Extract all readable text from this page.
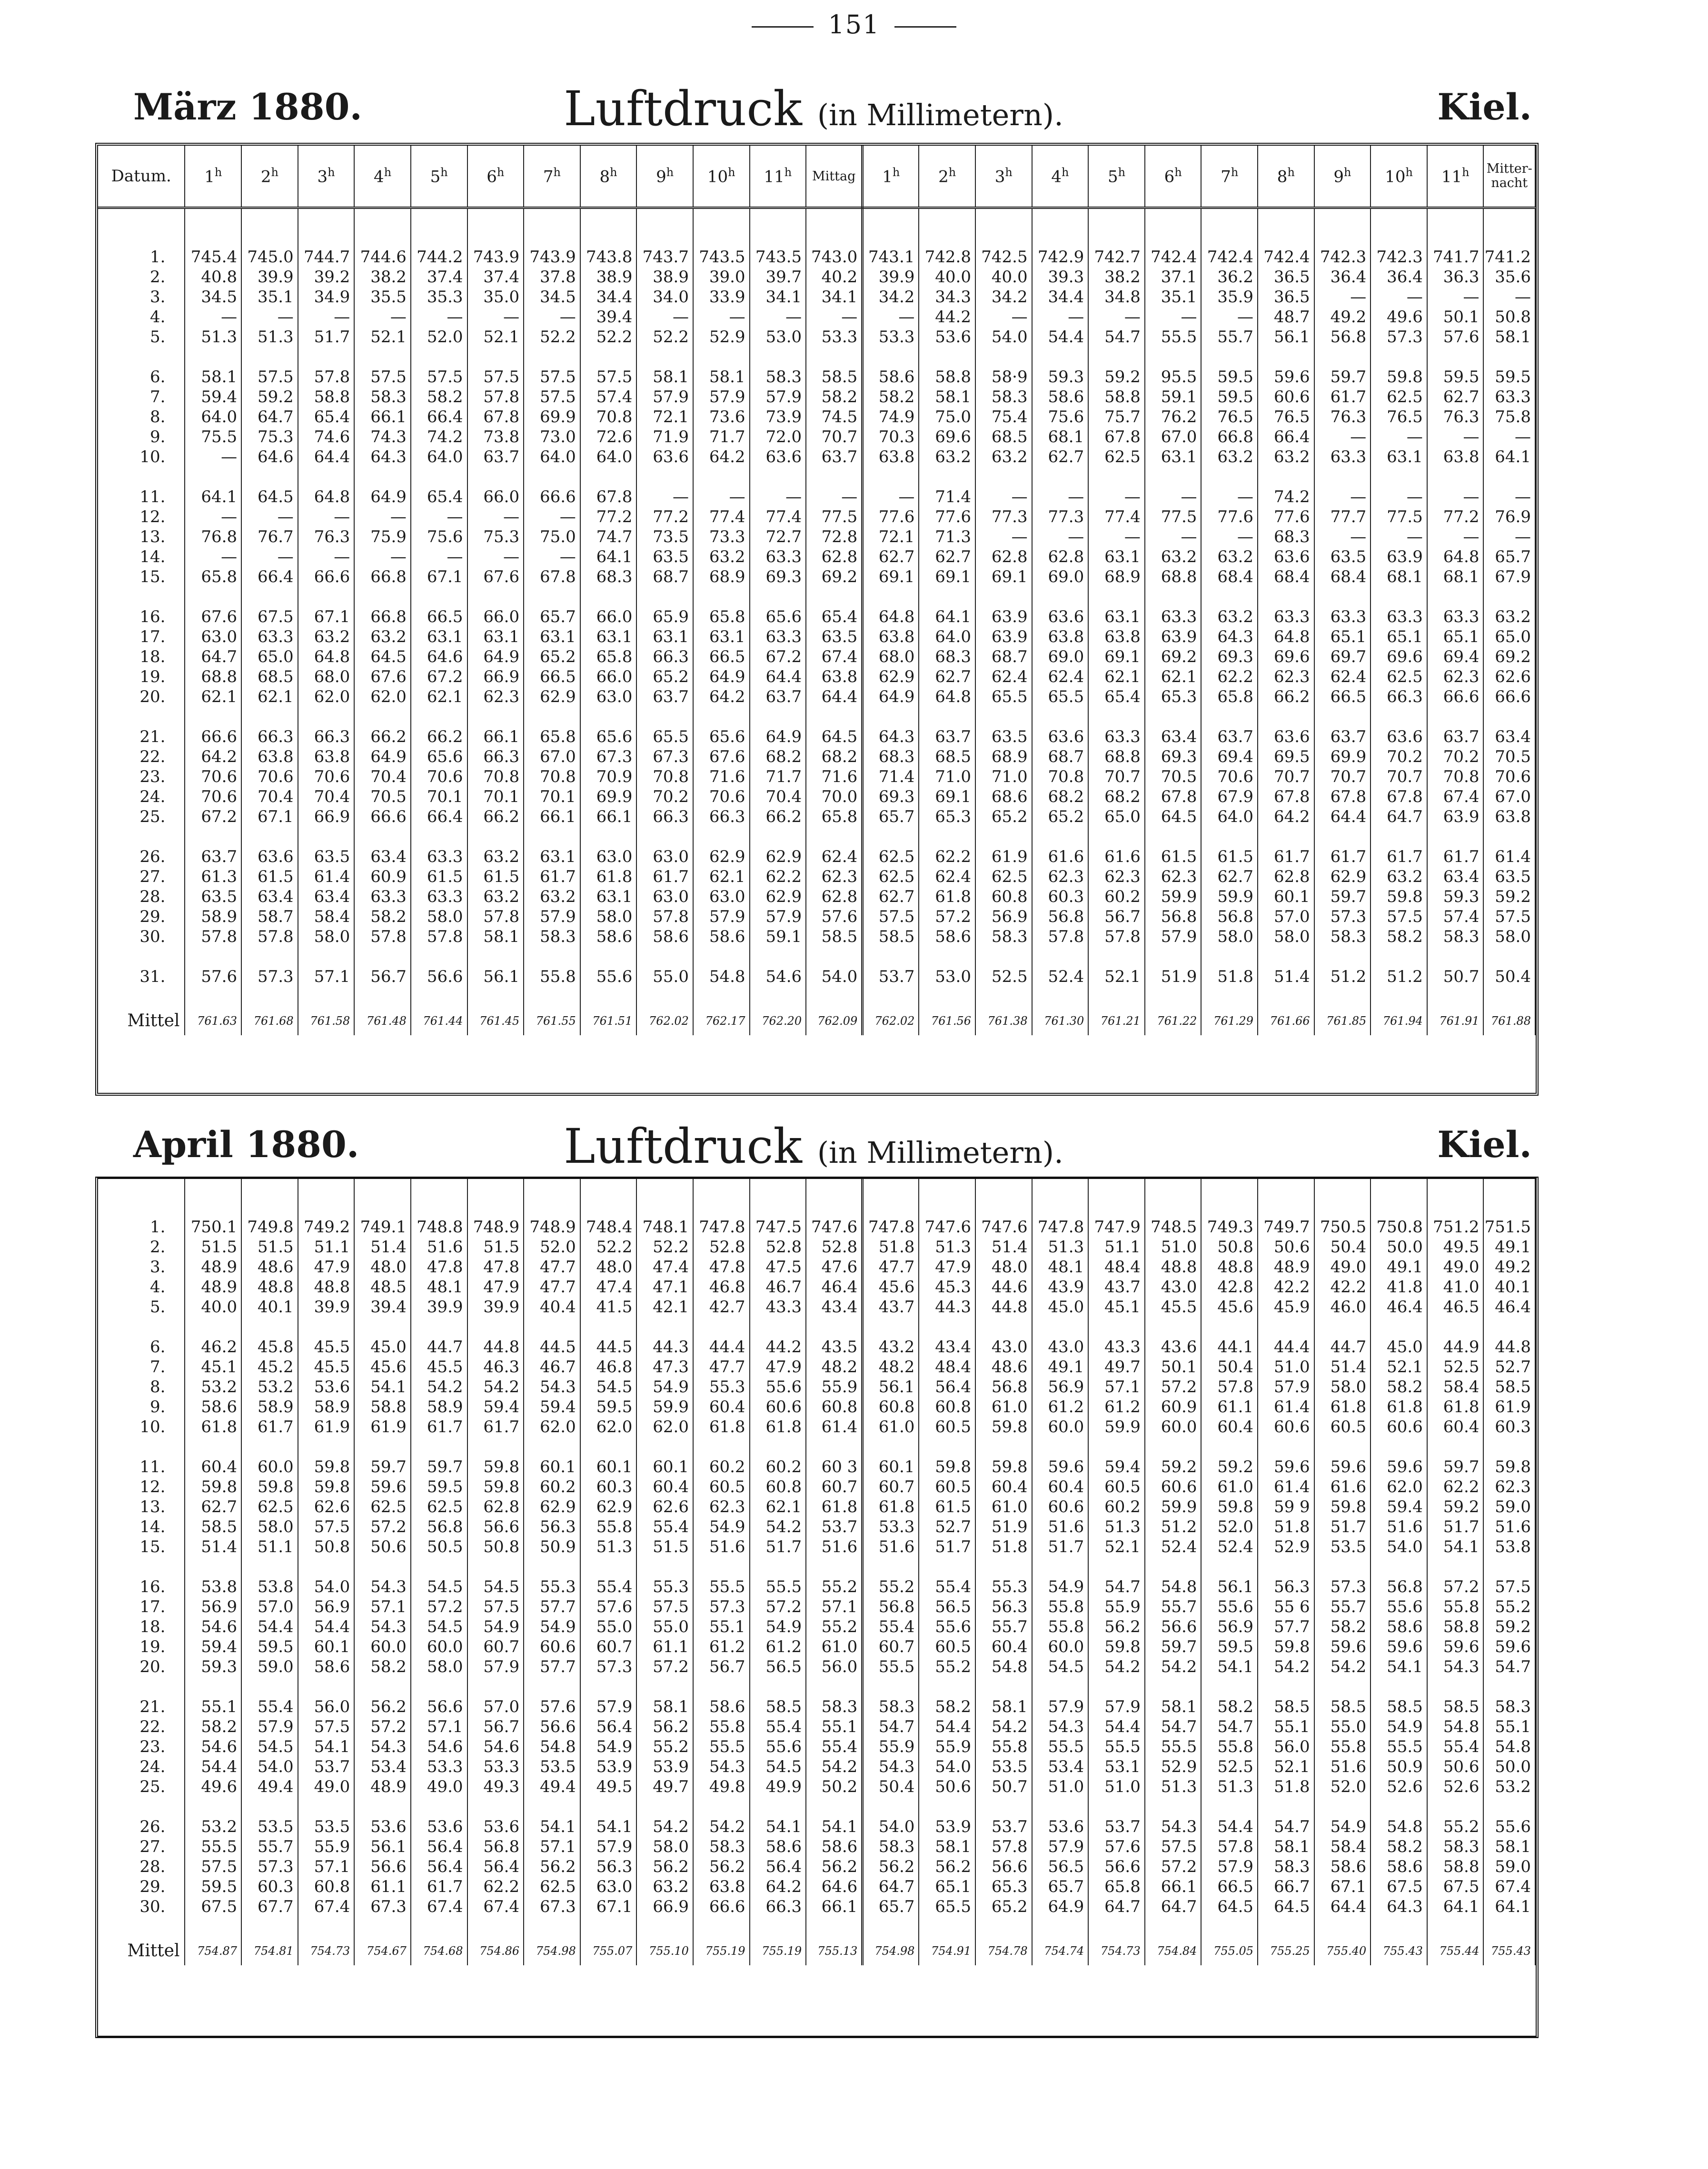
151
März 1880.	Luftdruck (in Millimetern).	Kiel.
Datum.	1$^h$	2$^h$	3$^h$	4$^h$	5$^h$	6$^h$	7$^h$	8$^h$	9$^h$	10$^h$	11$^h$	Mittag	1$^h$	2$^h$	3$^h$	4$^h$	5$^h$	6$^h$	7$^h$	8$^h$	9$^h$	10$^h$	11$^h$	Mitter-
nacht

1.	745.4	745.0	744.7	744.6	744.2	743.9	743.9	743.8	743.7	743.5	743.5	743.0	743.1	742.8	742.5	742.9	742.7	742.4	742.4	742.4	742.3	742.3	741.7	741.2
2.	40.8	39.9	39.2	38.2	37.4	37.4	37.8	38.9	38.9	39.0	39.7	40.2	39.9	40.0	40.0	39.3	38.2	37.1	36.2	36.5	36.4	36.4	36.3	35.6
3.	34.5	35.1	34.9	35.5	35.3	35.0	34.5	34.4	34.0	33.9	34.1	34.1	34.2	34.3	34.2	34.4	34.8	35.1	35.9	36.5	—	—	—	—
4.	—	—	—	—	—	—	—	39.4	—	—	—	—	—	44.2	—	—	—	—	—	48.7	49.2	49.6	50.1	50.8
5.	51.3	51.3	51.7	52.1	52.0	52.1	52.2	52.2	52.2	52.9	53.0	53.3	53.3	53.6	54.0	54.4	54.7	55.5	55.7	56.1	56.8	57.3	57.6	58.1

6.	58.1	57.5	57.8	57.5	57.5	57.5	57.5	57.5	58.1	58.1	58.3	58.5	58.6	58.8	58·9	59.3	59.2	95.5	59.5	59.6	59.7	59.8	59.5	59.5
7.	59.4	59.2	58.8	58.3	58.2	57.8	57.5	57.4	57.9	57.9	57.9	58.2	58.2	58.1	58.3	58.6	58.8	59.1	59.5	60.6	61.7	62.5	62.7	63.3
8.	64.0	64.7	65.4	66.1	66.4	67.8	69.9	70.8	72.1	73.6	73.9	74.5	74.9	75.0	75.4	75.6	75.7	76.2	76.5	76.5	76.3	76.5	76.3	75.8
9.	75.5	75.3	74.6	74.3	74.2	73.8	73.0	72.6	71.9	71.7	72.0	70.7	70.3	69.6	68.5	68.1	67.8	67.0	66.8	66.4	—	—	—	—
10.	—	64.6	64.4	64.3	64.0	63.7	64.0	64.0	63.6	64.2	63.6	63.7	63.8	63.2	63.2	62.7	62.5	63.1	63.2	63.2	63.3	63.1	63.8	64.1

11.	64.1	64.5	64.8	64.9	65.4	66.0	66.6	67.8	—	—	—	—	—	71.4	—	—	—	—	—	74.2	—	—	—	—
12.	—	—	—	—	—	—	—	77.2	77.2	77.4	77.4	77.5	77.6	77.6	77.3	77.3	77.4	77.5	77.6	77.6	77.7	77.5	77.2	76.9
13.	76.8	76.7	76.3	75.9	75.6	75.3	75.0	74.7	73.5	73.3	72.7	72.8	72.1	71.3	—	—	—	—	—	68.3	—	—	—	—
14.	—	—	—	—	—	—	—	64.1	63.5	63.2	63.3	62.8	62.7	62.7	62.8	62.8	63.1	63.2	63.2	63.6	63.5	63.9	64.8	65.7
15.	65.8	66.4	66.6	66.8	67.1	67.6	67.8	68.3	68.7	68.9	69.3	69.2	69.1	69.1	69.1	69.0	68.9	68.8	68.4	68.4	68.4	68.1	68.1	67.9

16.	67.6	67.5	67.1	66.8	66.5	66.0	65.7	66.0	65.9	65.8	65.6	65.4	64.8	64.1	63.9	63.6	63.1	63.3	63.2	63.3	63.3	63.3	63.3	63.2
17.	63.0	63.3	63.2	63.2	63.1	63.1	63.1	63.1	63.1	63.1	63.3	63.5	63.8	64.0	63.9	63.8	63.8	63.9	64.3	64.8	65.1	65.1	65.1	65.0
18.	64.7	65.0	64.8	64.5	64.6	64.9	65.2	65.8	66.3	66.5	67.2	67.4	68.0	68.3	68.7	69.0	69.1	69.2	69.3	69.6	69.7	69.6	69.4	69.2
19.	68.8	68.5	68.0	67.6	67.2	66.9	66.5	66.0	65.2	64.9	64.4	63.8	62.9	62.7	62.4	62.4	62.1	62.1	62.2	62.3	62.4	62.5	62.3	62.6
20.	62.1	62.1	62.0	62.0	62.1	62.3	62.9	63.0	63.7	64.2	63.7	64.4	64.9	64.8	65.5	65.5	65.4	65.3	65.8	66.2	66.5	66.3	66.6	66.6

21.	66.6	66.3	66.3	66.2	66.2	66.1	65.8	65.6	65.5	65.6	64.9	64.5	64.3	63.7	63.5	63.6	63.3	63.4	63.7	63.6	63.7	63.6	63.7	63.4
22.	64.2	63.8	63.8	64.9	65.6	66.3	67.0	67.3	67.3	67.6	68.2	68.2	68.3	68.5	68.9	68.7	68.8	69.3	69.4	69.5	69.9	70.2	70.2	70.5
23.	70.6	70.6	70.6	70.4	70.6	70.8	70.8	70.9	70.8	71.6	71.7	71.6	71.4	71.0	71.0	70.8	70.7	70.5	70.6	70.7	70.7	70.7	70.8	70.6
24.	70.6	70.4	70.4	70.5	70.1	70.1	70.1	69.9	70.2	70.6	70.4	70.0	69.3	69.1	68.6	68.2	68.2	67.8	67.9	67.8	67.8	67.8	67.4	67.0
25.	67.2	67.1	66.9	66.6	66.4	66.2	66.1	66.1	66.3	66.3	66.2	65.8	65.7	65.3	65.2	65.2	65.0	64.5	64.0	64.2	64.4	64.7	63.9	63.8

26.	63.7	63.6	63.5	63.4	63.3	63.2	63.1	63.0	63.0	62.9	62.9	62.4	62.5	62.2	61.9	61.6	61.6	61.5	61.5	61.7	61.7	61.7	61.7	61.4
27.	61.3	61.5	61.4	60.9	61.5	61.5	61.7	61.8	61.7	62.1	62.2	62.3	62.5	62.4	62.5	62.3	62.3	62.3	62.7	62.8	62.9	63.2	63.4	63.5
28.	63.5	63.4	63.4	63.3	63.3	63.2	63.2	63.1	63.0	63.0	62.9	62.8	62.7	61.8	60.8	60.3	60.2	59.9	59.9	60.1	59.7	59.8	59.3	59.2
29.	58.9	58.7	58.4	58.2	58.0	57.8	57.9	58.0	57.8	57.9	57.9	57.6	57.5	57.2	56.9	56.8	56.7	56.8	56.8	57.0	57.3	57.5	57.4	57.5
30.	57.8	57.8	58.0	57.8	57.8	58.1	58.3	58.6	58.6	58.6	59.1	58.5	58.5	58.6	58.3	57.8	57.8	57.9	58.0	58.0	58.3	58.2	58.3	58.0

31.	57.6	57.3	57.1	56.7	56.6	56.1	55.8	55.6	55.0	54.8	54.6	54.0	53.7	53.0	52.5	52.4	52.1	51.9	51.8	51.4	51.2	51.2	50.7	50.4

Mittel	761.63	761.68	761.58	761.48	761.44	761.45	761.55	761.51	762.02	762.17	762.20	762.09	762.02	761.56	761.38	761.30	761.21	761.22	761.29	761.66	761.85	761.94	761.91	761.88
April 1880.	Luftdruck (in Millimetern).	Kiel.

1.	750.1	749.8	749.2	749.1	748.8	748.9	748.9	748.4	748.1	747.8	747.5	747.6	747.8	747.6	747.6	747.8	747.9	748.5	749.3	749.7	750.5	750.8	751.2	751.5
2.	51.5	51.5	51.1	51.4	51.6	51.5	52.0	52.2	52.2	52.8	52.8	52.8	51.8	51.3	51.4	51.3	51.1	51.0	50.8	50.6	50.4	50.0	49.5	49.1
3.	48.9	48.6	47.9	48.0	47.8	47.8	47.7	48.0	47.4	47.8	47.5	47.6	47.7	47.9	48.0	48.1	48.4	48.8	48.8	48.9	49.0	49.1	49.0	49.2
4.	48.9	48.8	48.8	48.5	48.1	47.9	47.7	47.4	47.1	46.8	46.7	46.4	45.6	45.3	44.6	43.9	43.7	43.0	42.8	42.2	42.2	41.8	41.0	40.1
5.	40.0	40.1	39.9	39.4	39.9	39.9	40.4	41.5	42.1	42.7	43.3	43.4	43.7	44.3	44.8	45.0	45.1	45.5	45.6	45.9	46.0	46.4	46.5	46.4

6.	46.2	45.8	45.5	45.0	44.7	44.8	44.5	44.5	44.3	44.4	44.2	43.5	43.2	43.4	43.0	43.0	43.3	43.6	44.1	44.4	44.7	45.0	44.9	44.8
7.	45.1	45.2	45.5	45.6	45.5	46.3	46.7	46.8	47.3	47.7	47.9	48.2	48.2	48.4	48.6	49.1	49.7	50.1	50.4	51.0	51.4	52.1	52.5	52.7
8.	53.2	53.2	53.6	54.1	54.2	54.2	54.3	54.5	54.9	55.3	55.6	55.9	56.1	56.4	56.8	56.9	57.1	57.2	57.8	57.9	58.0	58.2	58.4	58.5
9.	58.6	58.9	58.9	58.8	58.9	59.4	59.4	59.5	59.9	60.4	60.6	60.8	60.8	60.8	61.0	61.2	61.2	60.9	61.1	61.4	61.8	61.8	61.8	61.9
10.	61.8	61.7	61.9	61.9	61.7	61.7	62.0	62.0	62.0	61.8	61.8	61.4	61.0	60.5	59.8	60.0	59.9	60.0	60.4	60.6	60.5	60.6	60.4	60.3

11.	60.4	60.0	59.8	59.7	59.7	59.8	60.1	60.1	60.1	60.2	60.2	60 3	60.1	59.8	59.8	59.6	59.4	59.2	59.2	59.6	59.6	59.6	59.7	59.8
12.	59.8	59.8	59.8	59.6	59.5	59.8	60.2	60.3	60.4	60.5	60.8	60.7	60.7	60.5	60.4	60.4	60.5	60.6	61.0	61.4	61.6	62.0	62.2	62.3
13.	62.7	62.5	62.6	62.5	62.5	62.8	62.9	62.9	62.6	62.3	62.1	61.8	61.8	61.5	61.0	60.6	60.2	59.9	59.8	59 9	59.8	59.4	59.2	59.0
14.	58.5	58.0	57.5	57.2	56.8	56.6	56.3	55.8	55.4	54.9	54.2	53.7	53.3	52.7	51.9	51.6	51.3	51.2	52.0	51.8	51.7	51.6	51.7	51.6
15.	51.4	51.1	50.8	50.6	50.5	50.8	50.9	51.3	51.5	51.6	51.7	51.6	51.6	51.7	51.8	51.7	52.1	52.4	52.4	52.9	53.5	54.0	54.1	53.8

16.	53.8	53.8	54.0	54.3	54.5	54.5	55.3	55.4	55.3	55.5	55.5	55.2	55.2	55.4	55.3	54.9	54.7	54.8	56.1	56.3	57.3	56.8	57.2	57.5
17.	56.9	57.0	56.9	57.1	57.2	57.5	57.7	57.6	57.5	57.3	57.2	57.1	56.8	56.5	56.3	55.8	55.9	55.7	55.6	55 6	55.7	55.6	55.8	55.2
18.	54.6	54.4	54.4	54.3	54.5	54.9	54.9	55.0	55.0	55.1	54.9	55.2	55.4	55.6	55.7	55.8	56.2	56.6	56.9	57.7	58.2	58.6	58.8	59.2
19.	59.4	59.5	60.1	60.0	60.0	60.7	60.6	60.7	61.1	61.2	61.2	61.0	60.7	60.5	60.4	60.0	59.8	59.7	59.5	59.8	59.6	59.6	59.6	59.6
20.	59.3	59.0	58.6	58.2	58.0	57.9	57.7	57.3	57.2	56.7	56.5	56.0	55.5	55.2	54.8	54.5	54.2	54.2	54.1	54.2	54.2	54.1	54.3	54.7

21.	55.1	55.4	56.0	56.2	56.6	57.0	57.6	57.9	58.1	58.6	58.5	58.3	58.3	58.2	58.1	57.9	57.9	58.1	58.2	58.5	58.5	58.5	58.5	58.3
22.	58.2	57.9	57.5	57.2	57.1	56.7	56.6	56.4	56.2	55.8	55.4	55.1	54.7	54.4	54.2	54.3	54.4	54.7	54.7	55.1	55.0	54.9	54.8	55.1
23.	54.6	54.5	54.1	54.3	54.6	54.6	54.8	54.9	55.2	55.5	55.6	55.4	55.9	55.9	55.8	55.5	55.5	55.5	55.8	56.0	55.8	55.5	55.4	54.8
24.	54.4	54.0	53.7	53.4	53.3	53.3	53.5	53.9	53.9	54.3	54.5	54.2	54.3	54.0	53.5	53.4	53.1	52.9	52.5	52.1	51.6	50.9	50.6	50.0
25.	49.6	49.4	49.0	48.9	49.0	49.3	49.4	49.5	49.7	49.8	49.9	50.2	50.4	50.6	50.7	51.0	51.0	51.3	51.3	51.8	52.0	52.6	52.6	53.2

26.	53.2	53.5	53.5	53.6	53.6	53.6	54.1	54.1	54.2	54.2	54.1	54.1	54.0	53.9	53.7	53.6	53.7	54.3	54.4	54.7	54.9	54.8	55.2	55.6
27.	55.5	55.7	55.9	56.1	56.4	56.8	57.1	57.9	58.0	58.3	58.6	58.6	58.3	58.1	57.8	57.9	57.6	57.5	57.8	58.1	58.4	58.2	58.3	58.1
28.	57.5	57.3	57.1	56.6	56.4	56.4	56.2	56.3	56.2	56.2	56.4	56.2	56.2	56.2	56.6	56.5	56.6	57.2	57.9	58.3	58.6	58.6	58.8	59.0
29.	59.5	60.3	60.8	61.1	61.7	62.2	62.5	63.0	63.2	63.8	64.2	64.6	64.7	65.1	65.3	65.7	65.8	66.1	66.5	66.7	67.1	67.5	67.5	67.4
30.	67.5	67.7	67.4	67.3	67.4	67.4	67.3	67.1	66.9	66.6	66.3	66.1	65.7	65.5	65.2	64.9	64.7	64.7	64.5	64.5	64.4	64.3	64.1	64.1

Mittel	754.87	754.81	754.73	754.67	754.68	754.86	754.98	755.07	755.10	755.19	755.19	755.13	754.98	754.91	754.78	754.74	754.73	754.84	755.05	755.25	755.40	755.43	755.44	755.43
